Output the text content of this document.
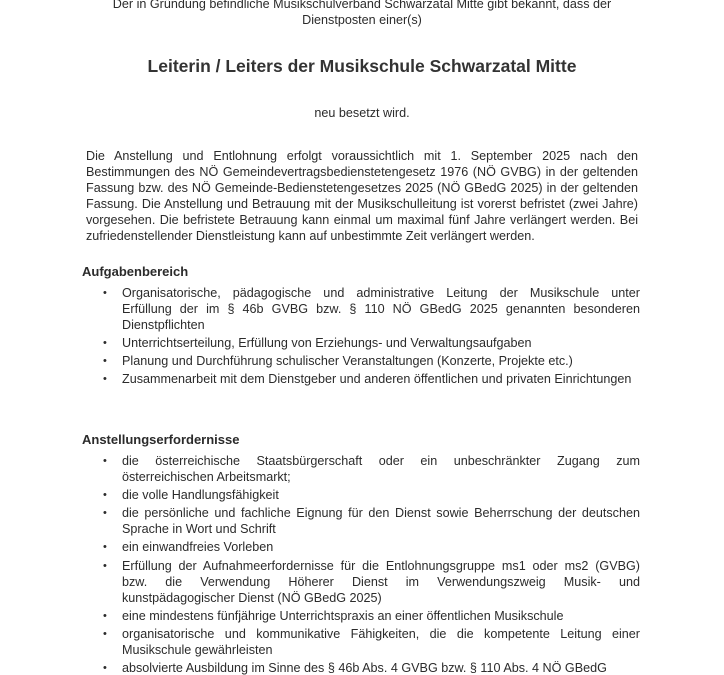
Der in Gründung befindliche Musikschulverband Schwarzatal Mitte gibt bekannt, dass der
Dienstposten einer(s)
Leiterin / Leiters der Musikschule Schwarzatal Mitte
neu besetzt wird.

Die Anstellung und Entlohnung erfolgt voraussichtlich mit 1. September 2025 nach den
Bestimmungen des NÖ Gemeindevertragsbedienstetengesetz 1976 (NÖ GVBG) in der geltenden
Fassung bzw. des NÖ Gemeinde-Bedienstetengesetzes 2025 (NÖ GBedG 2025) in der geltenden
Fassung. Die Anstellung und Betrauung mit der Musikschulleitung ist vorerst befristet (zwei Jahre)
vorgesehen. Die befristete Betrauung kann einmal um maximal fünf Jahre verlängert werden. Bei
zufriedenstellender Dienstleistung kann auf unbestimmte Zeit verlängert werden.

Aufgabenbereich
• Organisatorische, pädagogische und administrative Leitung der Musikschule unter
Erfüllung der im § 46b GVBG bzw. § 110 NÖ GBedG 2025 genannten besonderen
Dienstpflichten
• Unterrichtserteilung, Erfüllung von Erziehungs- und Verwaltungsaufgaben
• Planung und Durchführung schulischer Veranstaltungen (Konzerte, Projekte etc.)
• Zusammenarbeit mit dem Dienstgeber und anderen öffentlichen und privaten Einrichtungen
Anstellungserfordernisse
• die österreichische Staatsbürgerschaft oder ein unbeschränkter Zugang zum
österreichischen Arbeitsmarkt;
• die volle Handlungsfähigkeit
• die persönliche und fachliche Eignung für den Dienst sowie Beherrschung der deutschen
Sprache in Wort und Schrift
• ein einwandfreies Vorleben
• Erfüllung der Aufnahmeerfordernisse für die Entlohnungsgruppe ms1 oder ms2 (GVBG)
bzw. die Verwendung Höherer Dienst im Verwendungszweig Musik- und
kunstpädagogischer Dienst (NÖ GBedG 2025)
• eine mindestens fünfjährige Unterrichtspraxis an einer öffentlichen Musikschule
• organisatorische und kommunikative Fähigkeiten, die die kompetente Leitung einer
Musikschule gewährleisten
• absolvierte Ausbildung im Sinne des § 46b Abs. 4 GVBG bzw. § 110 Abs. 4 NÖ GBedG
